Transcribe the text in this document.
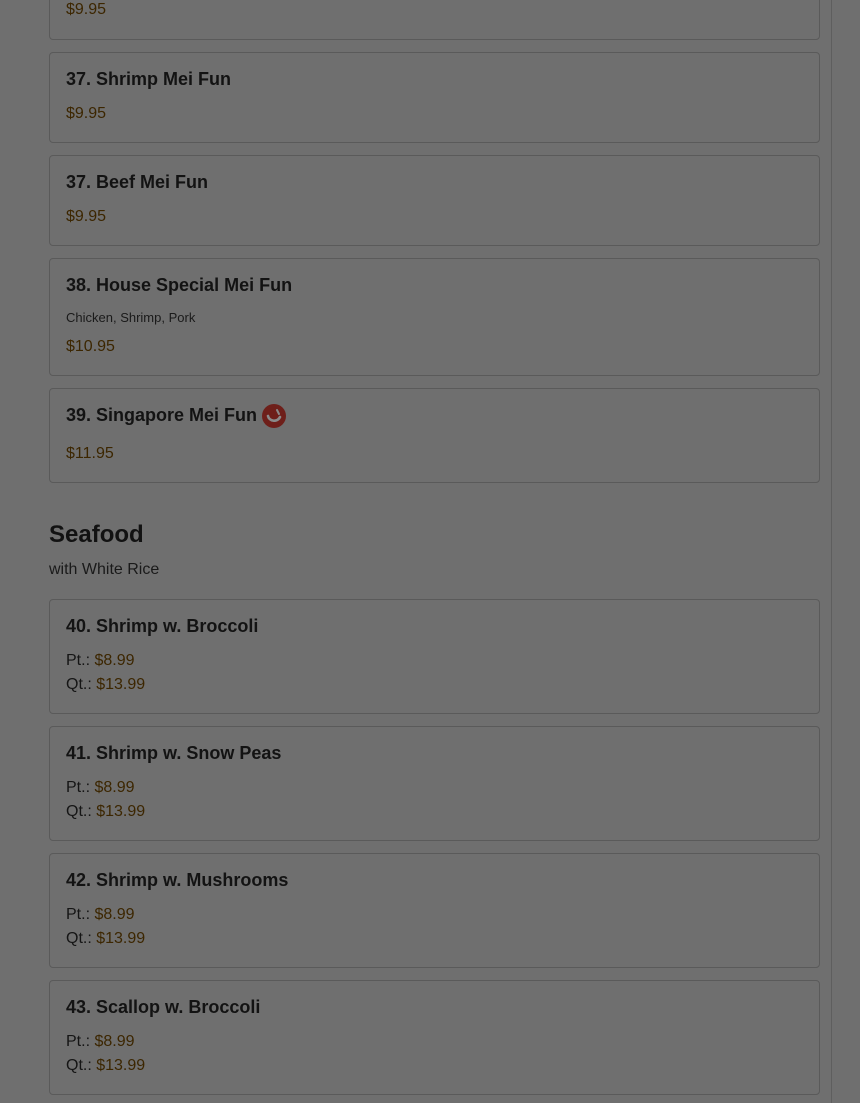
$9.95
37. Shrimp Mei Fun
$9.95
37. Beef Mei Fun
$9.95
38. House Special Mei Fun
Chicken, Shrimp, Pork
$10.95
39. Singapore Mei Fun
$11.95
Seafood
with White Rice
40. Shrimp w. Broccoli
Pt.: $8.99
Qt.: $13.99
41. Shrimp w. Snow Peas
Pt.: $8.99
Qt.: $13.99
42. Shrimp w. Mushrooms
Pt.: $8.99
Qt.: $13.99
43. Scallop w. Broccoli
Pt.: $8.99
Qt.: $13.99
